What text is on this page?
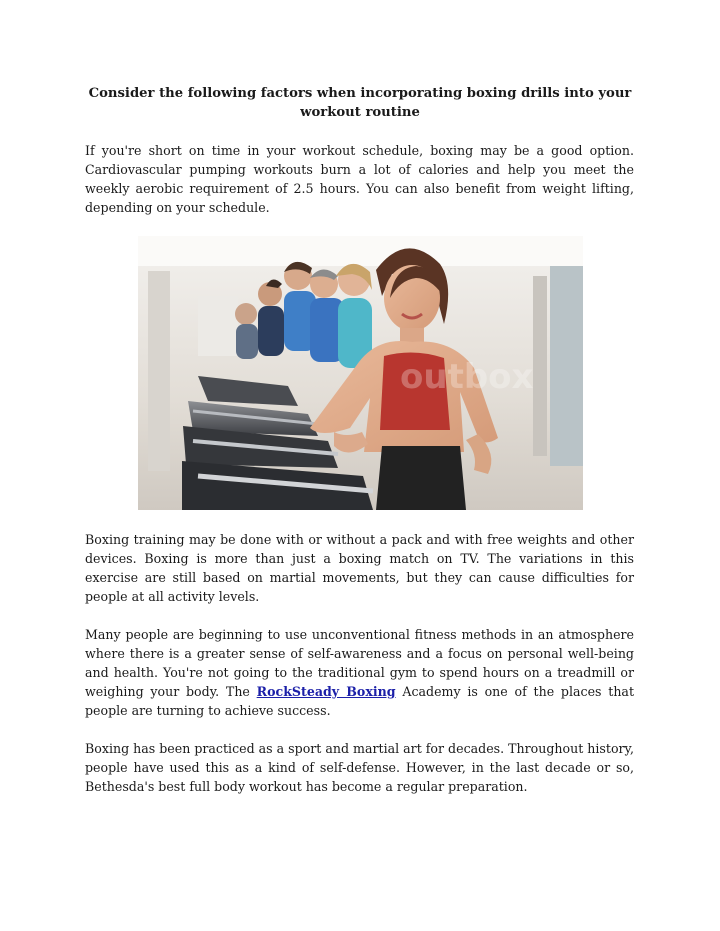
Consider the following factors when incorporating boxing drills into your workout routine

If you're short on time in your workout schedule, boxing may be a good option. Cardiovascular pumping workouts burn a lot of calories and help you meet the weekly aerobic requirement of 2.5 hours. You can also benefit from weight lifting, depending on your schedule.

outbox

Boxing training may be done with or without a pack and with free weights and other devices. Boxing is more than just a boxing match on TV. The variations in this exercise are still based on martial movements, but they can cause difficulties for people at all activity levels.

Many people are beginning to use unconventional fitness methods in an atmosphere where there is a greater sense of self-awareness and a focus on personal well-being and health. You're not going to the traditional gym to spend hours on a treadmill or weighing your body. The RockSteady Boxing Academy is one of the places that people are turning to achieve success.

Boxing has been practiced as a sport and martial art for decades. Throughout history, people have used this as a kind of self-defense. However, in the last decade or so, Bethesda's best full body workout has become a regular preparation.
